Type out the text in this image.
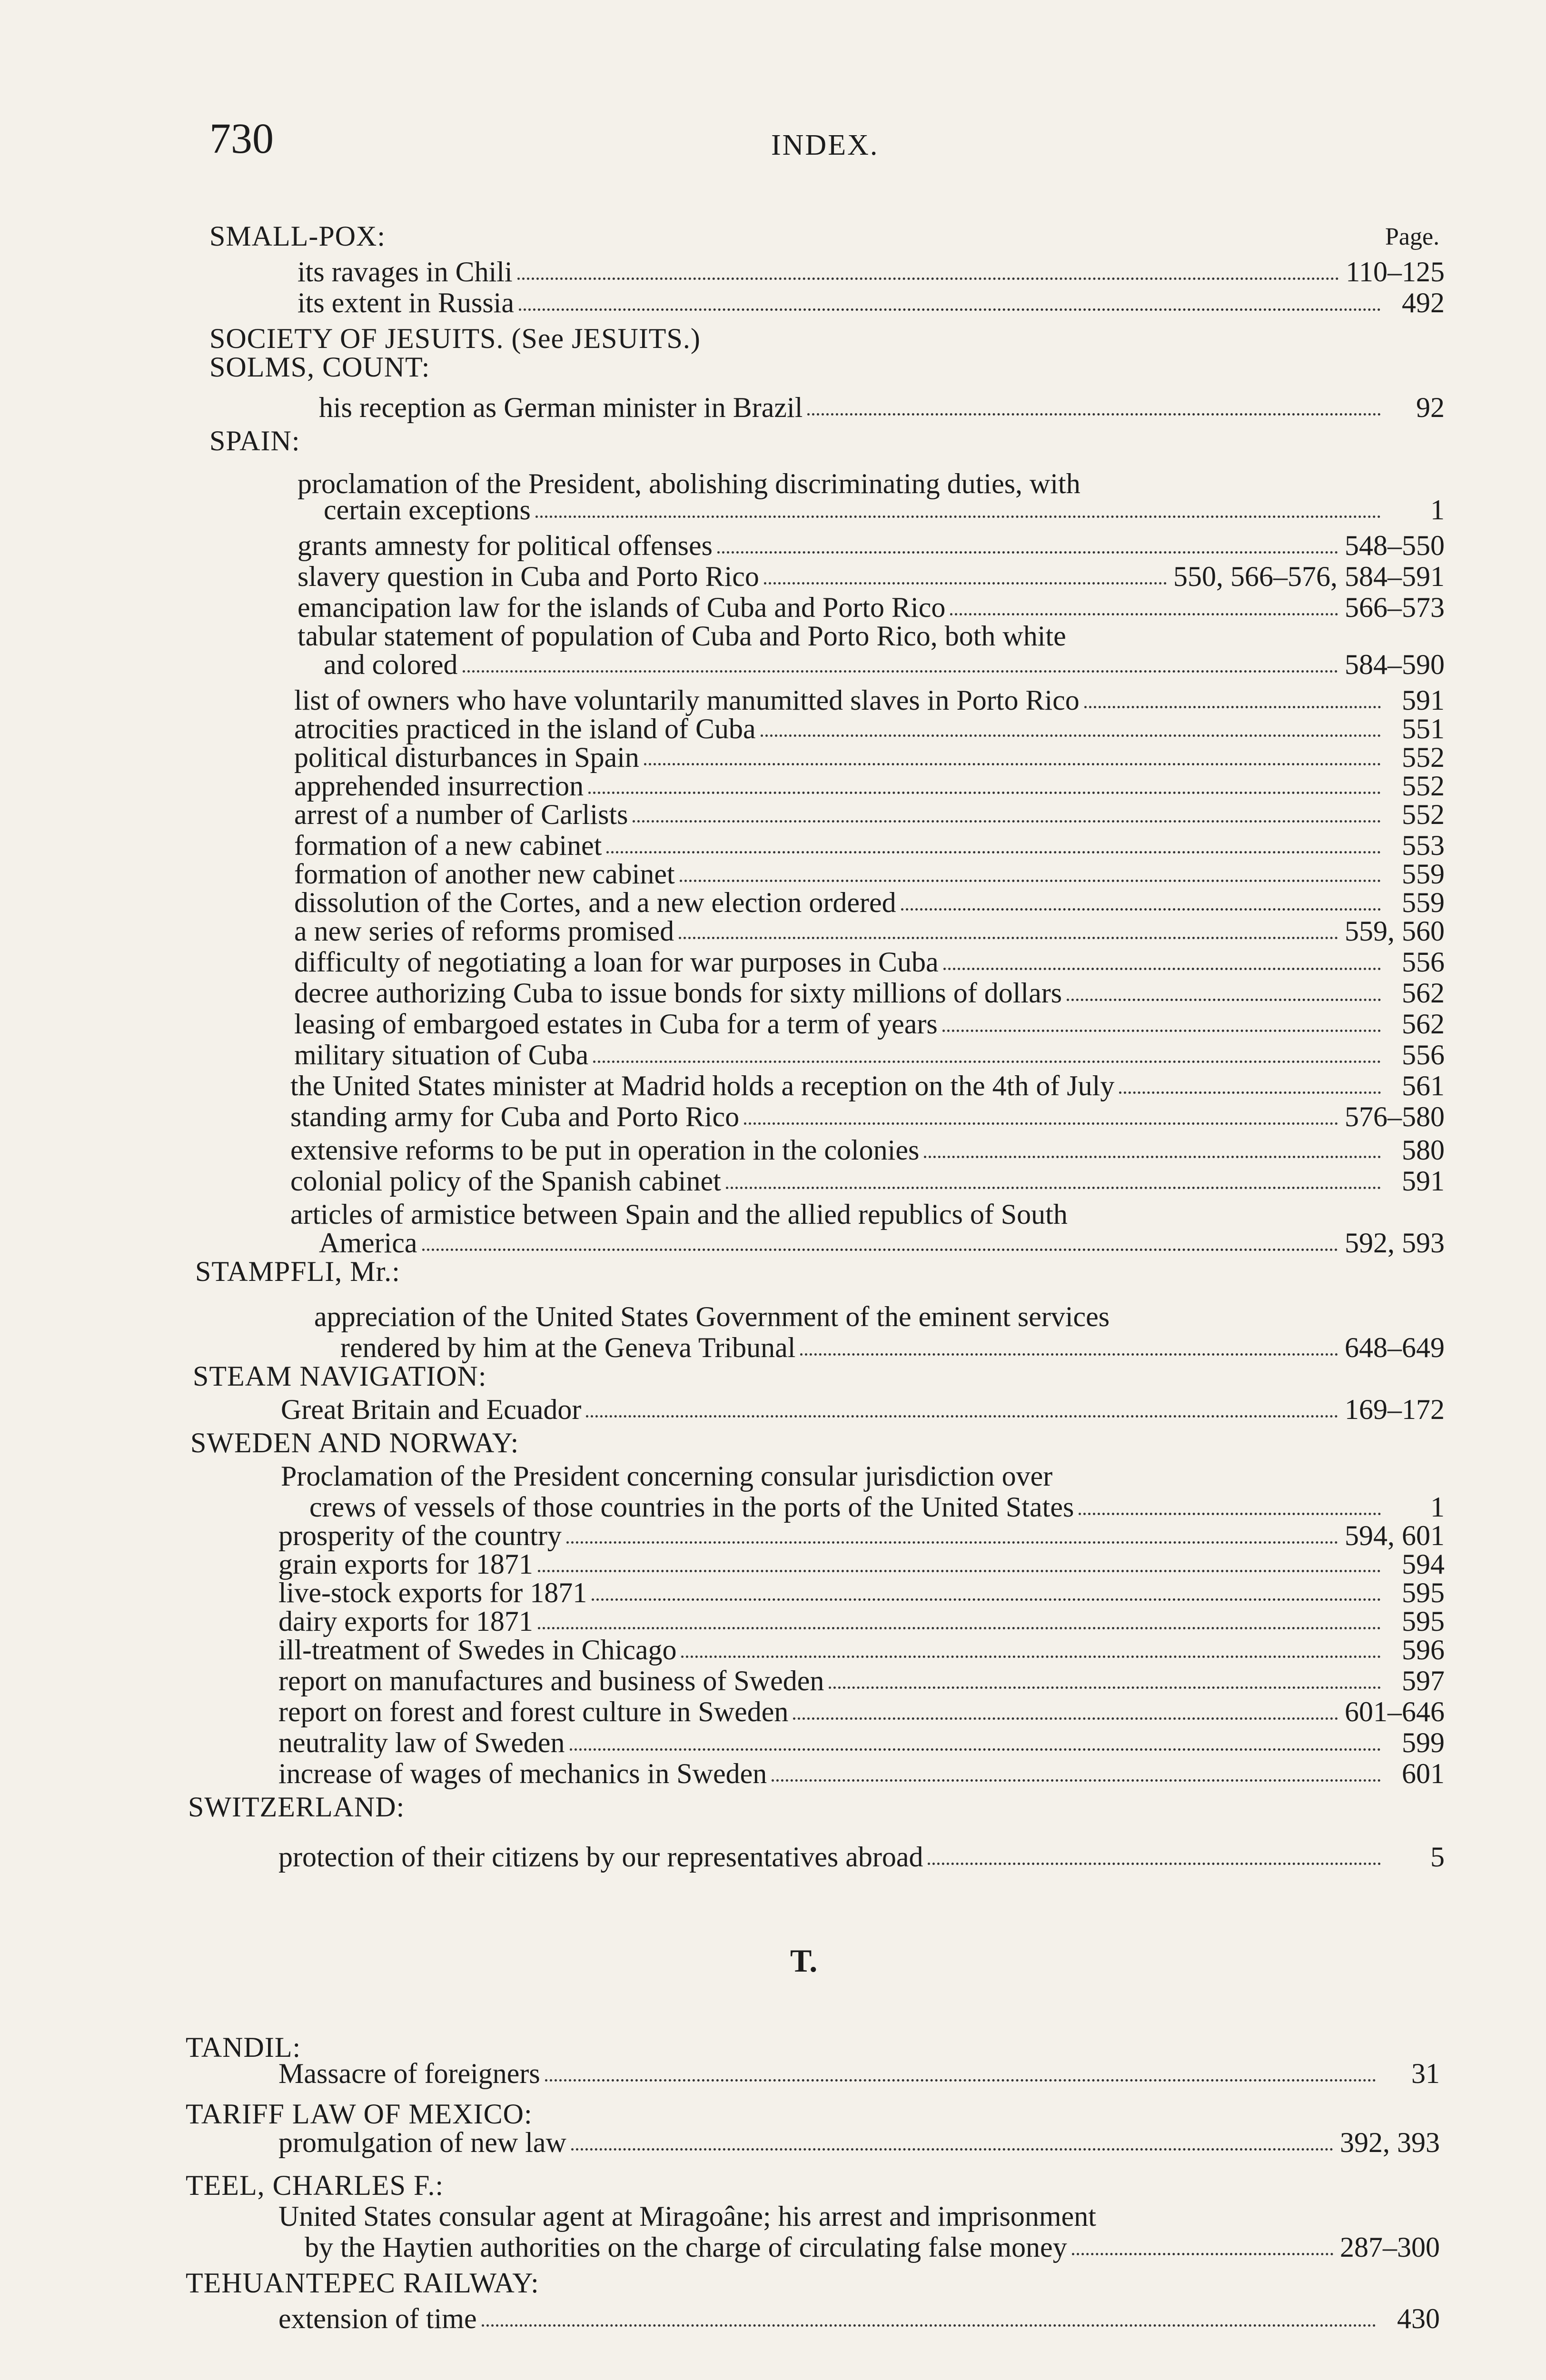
730	INDEX.
Page.
SMALL-POX:
its ravages in Chili	110–125
its extent in Russia	492
SOCIETY OF JESUITS. (See JESUITS.)
SOLMS, COUNT:
his reception as German minister in Brazil	92
SPAIN:
proclamation of the President, abolishing discriminating duties, with
certain exceptions	1
grants amnesty for political offenses	548–550
slavery question in Cuba and Porto Rico	550, 566–576, 584–591
emancipation law for the islands of Cuba and Porto Rico	566–573
tabular statement of population of Cuba and Porto Rico, both white
and colored	584–590
list of owners who have voluntarily manumitted slaves in Porto Rico	591
atrocities practiced in the island of Cuba	551
political disturbances in Spain	552
apprehended insurrection	552
arrest of a number of Carlists	552
formation of a new cabinet	553
formation of another new cabinet	559
dissolution of the Cortes, and a new election ordered	559
a new series of reforms promised	559, 560
difficulty of negotiating a loan for war purposes in Cuba	556
decree authorizing Cuba to issue bonds for sixty millions of dollars	562
leasing of embargoed estates in Cuba for a term of years	562
military situation of Cuba	556
the United States minister at Madrid holds a reception on the 4th of July	561
standing army for Cuba and Porto Rico	576–580
extensive reforms to be put in operation in the colonies	580
colonial policy of the Spanish cabinet	591
articles of armistice between Spain and the allied republics of South
America	592, 593
STAMPFLI, Mr.:
appreciation of the United States Government of the eminent services
rendered by him at the Geneva Tribunal	648–649
STEAM NAVIGATION:
Great Britain and Ecuador	169–172
SWEDEN AND NORWAY:
Proclamation of the President concerning consular jurisdiction over
crews of vessels of those countries in the ports of the United States	1
prosperity of the country	594, 601
grain exports for 1871	594
live-stock exports for 1871	595
dairy exports for 1871	595
ill-treatment of Swedes in Chicago	596
report on manufactures and business of Sweden	597
report on forest and forest culture in Sweden	601–646
neutrality law of Sweden	599
increase of wages of mechanics in Sweden	601
SWITZERLAND:
protection of their citizens by our representatives abroad	5
T.
TANDIL:
Massacre of foreigners	31
TARIFF LAW OF MEXICO:
promulgation of new law	392, 393
TEEL, CHARLES F.:
United States consular agent at Miragoâne; his arrest and imprisonment
by the Haytien authorities on the charge of circulating false money	287–300
TEHUANTEPEC RAILWAY:
extension of time	430
